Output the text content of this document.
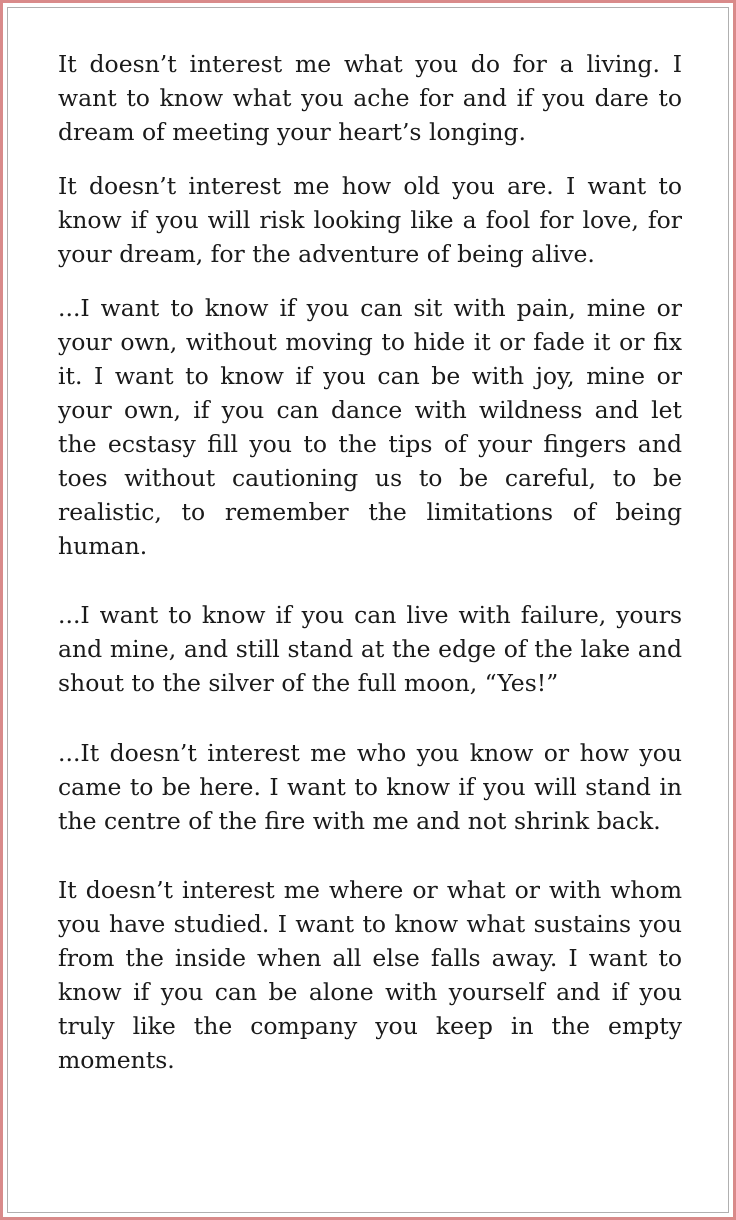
It doesn’t interest me what you do for a living. I want to know what you ache for and if you dare to dream of meeting your heart’s longing.

It doesn’t interest me how old you are. I want to know if you will risk looking like a fool for love, for your dream, for the adventure of being alive.

...I want to know if you can sit with pain, mine or your own, without moving to hide it or fade it or fix it. I want to know if you can be with joy, mine or your own, if you can dance with wildness and let the ecstasy fill you to the tips of your fingers and toes without cautioning us to be careful, to be realistic, to remember the limitations of being human.

...I want to know if you can live with failure, yours and mine, and still stand at the edge of the lake and shout to the silver of the full moon, “Yes!”

...It doesn’t interest me who you know or how you came to be here. I want to know if you will stand in the centre of the fire with me and not shrink back.

It doesn’t interest me where or what or with whom you have studied. I want to know what sustains you from the inside when all else falls away. I want to know if you can be alone with yourself and if you truly like the company you keep in the empty moments.
